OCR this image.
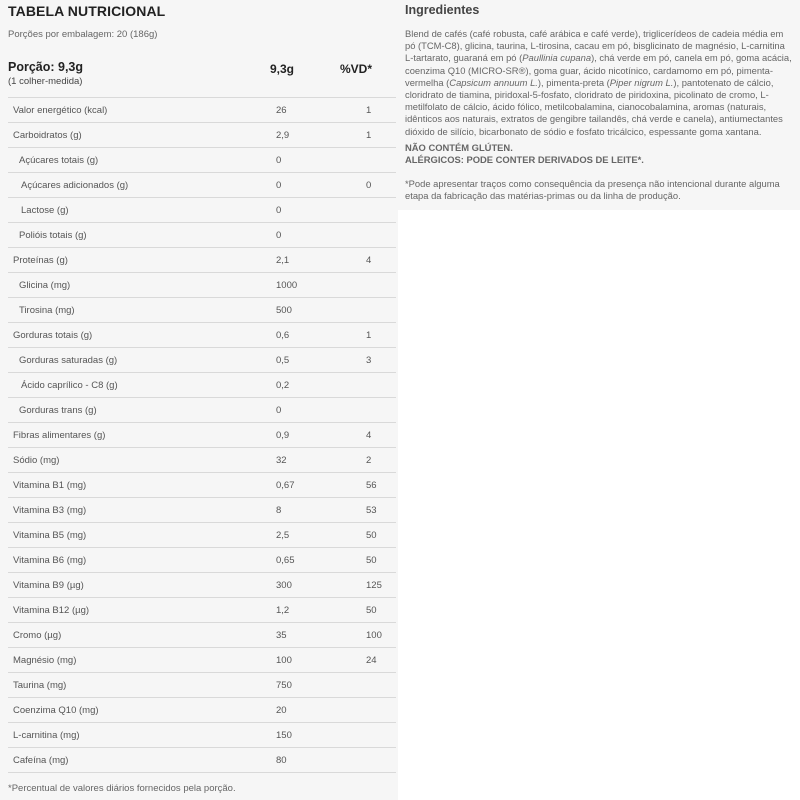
TABELA NUTRICIONAL
Porções por embalagem: 20 (186g)
Porção: 9,3g
(1 colher-medida)
9,3g	%VD*
Valor energético (kcal)	26	1
Carboidratos (g)	2,9	1
Açúcares totais (g)	0
Açúcares adicionados (g)	0	0
Lactose (g)	0
Polióis totais (g)	0
Proteínas (g)	2,1	4
Glicina (mg)	1000
Tirosina (mg)	500
Gorduras totais (g)	0,6	1
Gorduras saturadas (g)	0,5	3
Ácido caprílico - C8 (g)	0,2
Gorduras trans (g)	0
Fibras alimentares (g)	0,9	4
Sódio (mg)	32	2
Vitamina B1 (mg)	0,67	56
Vitamina B3 (mg)	8	53
Vitamina B5 (mg)	2,5	50
Vitamina B6 (mg)	0,65	50
Vitamina B9 (µg)	300	125
Vitamina B12 (µg)	1,2	50
Cromo (µg)	35	100
Magnésio (mg)	100	24
Taurina (mg)	750
Coenzima Q10 (mg)	20
L-carnitina (mg)	150
Cafeína (mg)	80
*Percentual de valores diários fornecidos pela porção.
Ingredientes
Blend de cafés (café robusta, café arábica e café verde), triglicerídeos de cadeia média em pó (TCM-C8), glicina, taurina, L-tirosina, cacau em pó, bisglicinato de magnésio, L-carnitina L-tartarato, guaraná em pó (Paullinia cupana), chá verde em pó, canela em pó, goma acácia, coenzima Q10 (MICRO-SR®), goma guar, ácido nicotínico, cardamomo em pó, pimenta-vermelha (Capsicum annuum L.), pimenta-preta (Piper nigrum L.), pantotenato de cálcio, cloridrato de tiamina, piridoxal-5-fosfato, cloridrato de piridoxina, picolinato de cromo, L-metilfolato de cálcio, ácido fólico, metilcobalamina, cianocobalamina, aromas (naturais, idênticos aos naturais, extratos de gengibre tailandês, chá verde e canela), antiumectantes dióxido de silício, bicarbonato de sódio e fosfato tricálcico, espessante goma xantana.
NÃO CONTÉM GLÚTEN.
ALÉRGICOS: PODE CONTER DERIVADOS DE LEITE*.
*Pode apresentar traços como consequência da presença não intencional durante alguma etapa da fabricação das matérias-primas ou da linha de produção.
